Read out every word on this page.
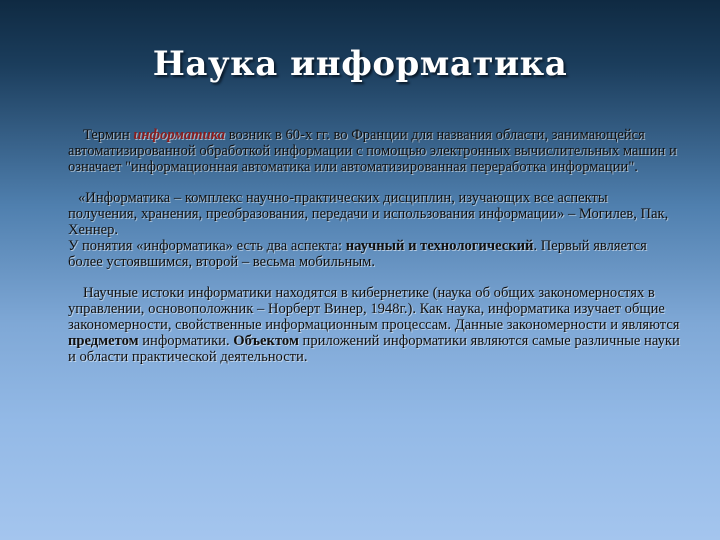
Наука информатика

Термин информатика возник в 60-х гг. во Франции для названия области, занимающейся автоматизированной обработкой информации с помощью электронных вычислительных машин и означает "информационная автоматика или автоматизированная переработка информации".

«Информатика – комплекс научно-практических дисциплин, изучающих все аспекты получения, хранения, преобразования, передачи и использования информации» – Могилев, Пак, Хеннер.

У понятия «информатика» есть два аспекта: научный и технологический. Первый является более устоявшимся, второй – весьма мобильным.

Научные истоки информатики находятся в кибернетике (наука об общих закономерностях в управлении, основоположник – Норберт Винер, 1948г.). Как наука, информатика изучает общие закономерности, свойственные информационным процессам. Данные закономерности и являются предметом информатики. Объектом приложений информатики являются самые различные науки и области практической деятельности.
